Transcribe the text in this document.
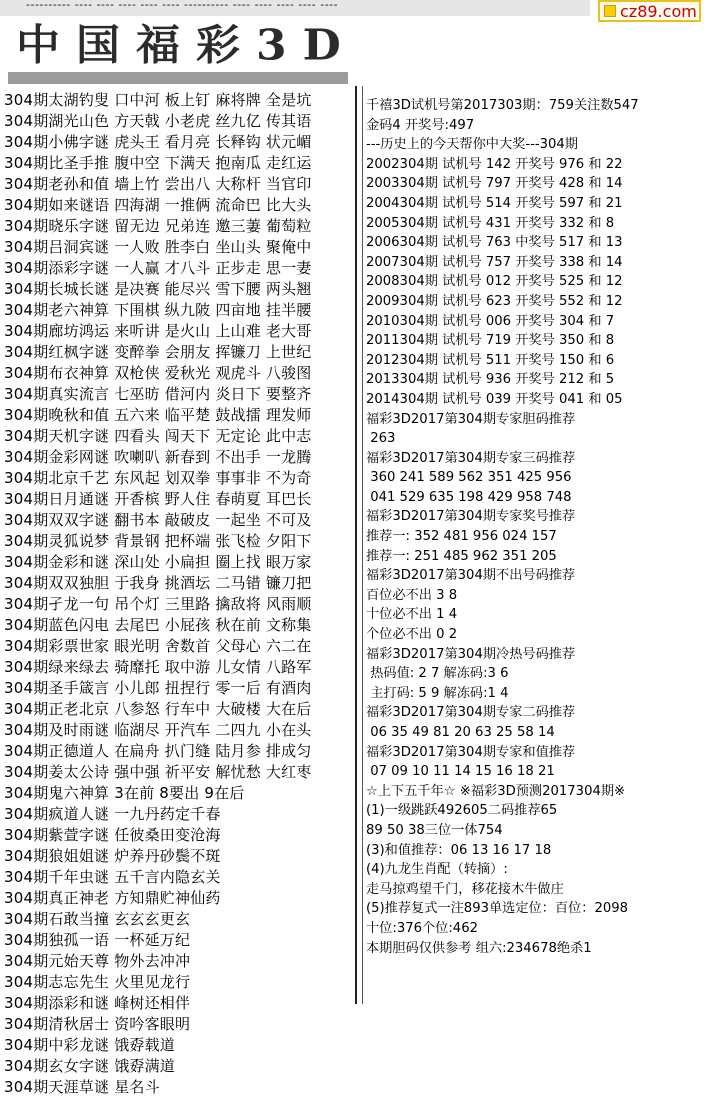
---------- ---- ---- ---- ---- ---- ---------- ---- ---- ---- ---- ----	cz89.com
中国福彩3D
304期太湖钓叟 口中河 板上钉 麻将牌 全是坑
304期湖光山色 方天戟 小老虎 丝九亿 传其语
304期小佛字谜 虎头王 看月亮 长释钩 状元嵋
304期比圣手推 腹中空 下满天 抱南瓜 走红运
304期老孙和值 墙上竹 尝出八 大称杆 当官印
304期如来谜语 四海湖 一推俩 流命巴 比大头
304期晓乐字谜 留无边 兄弟连 邀三萋 葡萄粒
304期吕洞宾谜 一人败 胜李白 坐山头 聚俺中
304期添彩字谜 一人赢 才八斗 正步走 思一妻
304期长城长谜 是决赛 能尽兴 雪下腰 两头翘
304期老六神算 下围棋 纵九陂 四亩地 挂半腰
304期廊坊鸿运 来听讲 是火山 上山难 老大哥
304期红枫字谜 变醉拳 会朋友 挥镰刀 上世纪
304期布衣神算 双枪侠 爱秋光 观虎斗 八骏图
304期真实流言 七巫昉 借河内 炎日下 要整齐
304期晚秋和值 五六来 临平楚 鼓战擂 理发师
304期天机字谜 四看头 闯天下 无定论 此中志
304期金彩网谜 吹喇叭 新春到 不出手 一龙腾
304期北京千艺 东风起 划双拳 事事非 不为奇
304期日月通谜 开香槟 野人住 春萌夏 耳巴长
304期双双字谜 翻书本 敲破皮 一起坐 不可及
304期灵狐说梦 背景钢 把杯端 张飞检 夕阳下
304期金彩和谜 深山处 小扁担 圈上找 眼万家
304期双双独胆 于我身 挑酒坛 二马错 镰刀把
304期孑龙一句 吊个灯 三里路 擒敌将 风雨顺
304期蓝色闪电 去尾巴 小屁孩 秋在前 文称集
304期彩票世家 眼光明 舍数首 父母心 六二在
304期绿来绿去 骑靡托 取中游 儿女情 八路军
304期圣手箴言 小儿郎 扭捏行 零一后 有酒肉
304期正老北京 八参怒 行车中 大破楼 大在后
304期及时雨谜 临湖尽 开汽车 二四九 小在头
304期正德道人 在扁舟 扒门缝 陆月参 排成匀
304期姜太公诗 强中强 祈平安 解忧愁 大红枣
304期鬼六神算 3在前 8要出 9在后
304期疯道人谜 一九丹药定千春
304期紫萱字谜 任彼桑田变沧海
304期狼姐姐谜 炉养丹砂鬓不斑
304期千年虫谜 五千言内隐玄关
304期真正神老 方知鼎贮神仙药
304期石敢当撞 玄玄玄更玄
304期独孤一语 一杯延万纪
304期元始天尊 物外去冲冲
304期志忘先生 火里见龙行
304期添彩和谜 峰树还相伴
304期清秋居士 资吟客眼明
304期中彩龙谜 饿孬载道
304期玄女字谜 饿孬满道
304期天涯草谜 星名斗
千禧3D试机号第2017303期：759关注数547
金码4 开奖号:497
---历史上的今天帮你中大奖---304期
2002304期 试机号 142 开奖号 976 和 22
2003304期 试机号 797 开奖号 428 和 14
2004304期 试机号 514 开奖号 597 和 21
2005304期 试机号 431 开奖号 332 和 8
2006304期 试机号 763 中奖号 517 和 13
2007304期 试机号 757 开奖号 338 和 14
2008304期 试机号 012 开奖号 525 和 12
2009304期 试机号 623 开奖号 552 和 12
2010304期 试机号 006 开奖号 304 和 7
2011304期 试机号 719 开奖号 350 和 8
2012304期 试机号 511 开奖号 150 和 6
2013304期 试机号 936 开奖号 212 和 5
2014304期 试机号 039 开奖号 041 和 05
福彩3D2017第304期专家胆码推荐
263
福彩3D2017第304期专家三码推荐
360 241 589 562 351 425 956
041 529 635 198 429 958 748
福彩3D2017第304期专家奖号推荐
推荐一: 352 481 956 024 157
推荐一: 251 485 962 351 205
福彩3D2017第304期不出号码推荐
百位必不出 3 8
十位必不出 1 4
个位必不出 0 2
福彩3D2017第304期冷热号码推荐
热码值: 2 7 解冻码:3 6
主打码: 5 9 解冻码:1 4
福彩3D2017第304期专家二码推荐
06 35 49 81 20 63 25 58 14
福彩3D2017第304期专家和值推荐
07 09 10 11 14 15 16 18 21
☆上下五千年☆ ※福彩3D预测2017304期※
(1)一级跳跃492605二码推荐65
89 50 38三位一体754
(3)和值推荐：06 13 16 17 18
(4)九龙生肖配（转摘）:
走马掠鸡望千门，移花接木牛做庄
(5)推荐复式一注893单选定位：百位：2098
十位:376个位:462
本期胆码仅供参考 组六:234678绝杀1
